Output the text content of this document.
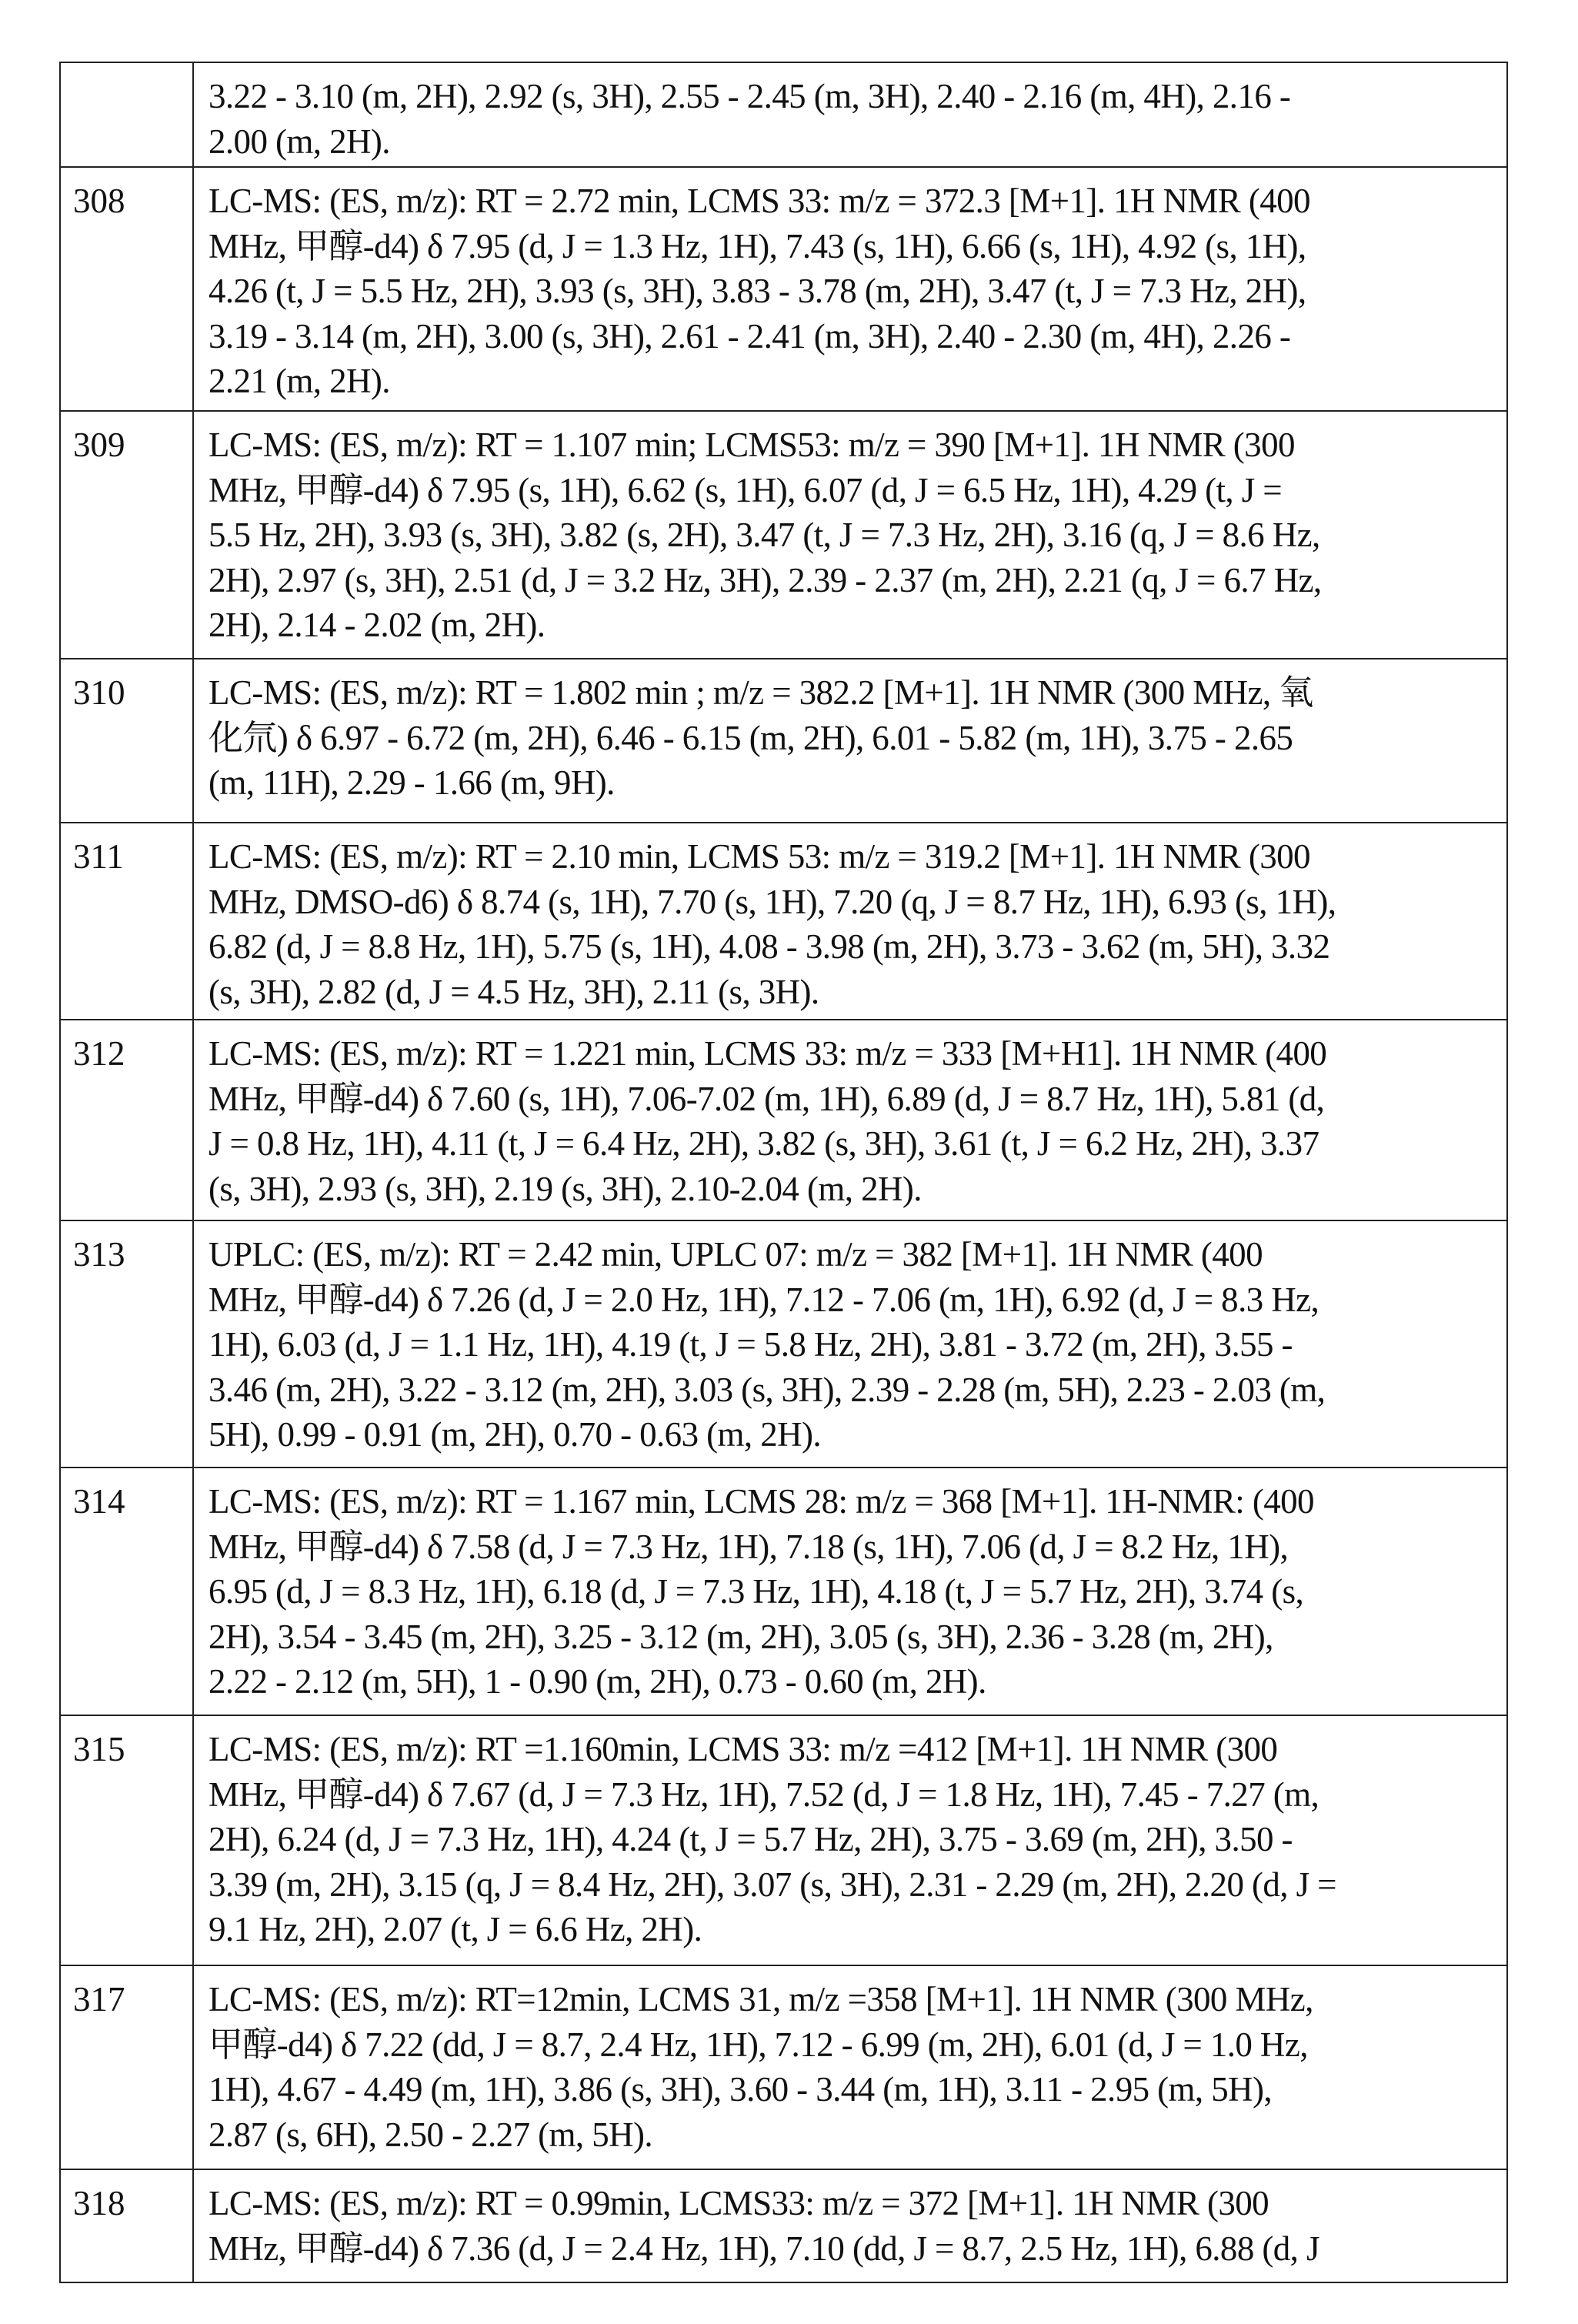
3.22 - 3.10 (m, 2H), 2.92 (s, 3H), 2.55 - 2.45 (m, 3H), 2.40 - 2.16 (m, 4H), 2.16 -
2.00 (m, 2H).

308	LC-MS: (ES, m/z): RT = 2.72 min, LCMS 33: m/z = 372.3 [M+1]. 1H NMR (400
MHz, 甲醇-d4) δ 7.95 (d, J = 1.3 Hz, 1H), 7.43 (s, 1H), 6.66 (s, 1H), 4.92 (s, 1H),
4.26 (t, J = 5.5 Hz, 2H), 3.93 (s, 3H), 3.83 - 3.78 (m, 2H), 3.47 (t, J = 7.3 Hz, 2H),
3.19 - 3.14 (m, 2H), 3.00 (s, 3H), 2.61 - 2.41 (m, 3H), 2.40 - 2.30 (m, 4H), 2.26 -
2.21 (m, 2H).

309	LC-MS: (ES, m/z): RT = 1.107 min; LCMS53: m/z = 390 [M+1]. 1H NMR (300
MHz, 甲醇-d4) δ 7.95 (s, 1H), 6.62 (s, 1H), 6.07 (d, J = 6.5 Hz, 1H), 4.29 (t, J =
5.5 Hz, 2H), 3.93 (s, 3H), 3.82 (s, 2H), 3.47 (t, J = 7.3 Hz, 2H), 3.16 (q, J = 8.6 Hz,
2H), 2.97 (s, 3H), 2.51 (d, J = 3.2 Hz, 3H), 2.39 - 2.37 (m, 2H), 2.21 (q, J = 6.7 Hz,
2H), 2.14 - 2.02 (m, 2H).

310	LC-MS: (ES, m/z): RT = 1.802 min ; m/z = 382.2 [M+1]. 1H NMR (300 MHz, 氧
化氘) δ 6.97 - 6.72 (m, 2H), 6.46 - 6.15 (m, 2H), 6.01 - 5.82 (m, 1H), 3.75 - 2.65
(m, 11H), 2.29 - 1.66 (m, 9H).

311	LC-MS: (ES, m/z): RT = 2.10 min, LCMS 53: m/z = 319.2 [M+1]. 1H NMR (300
MHz, DMSO-d6) δ 8.74 (s, 1H), 7.70 (s, 1H), 7.20 (q, J = 8.7 Hz, 1H), 6.93 (s, 1H),
6.82 (d, J = 8.8 Hz, 1H), 5.75 (s, 1H), 4.08 - 3.98 (m, 2H), 3.73 - 3.62 (m, 5H), 3.32
(s, 3H), 2.82 (d, J = 4.5 Hz, 3H), 2.11 (s, 3H).

312	LC-MS: (ES, m/z): RT = 1.221 min, LCMS 33: m/z = 333 [M+H1]. 1H NMR (400
MHz, 甲醇-d4) δ 7.60 (s, 1H), 7.06-7.02 (m, 1H), 6.89 (d, J = 8.7 Hz, 1H), 5.81 (d,
J = 0.8 Hz, 1H), 4.11 (t, J = 6.4 Hz, 2H), 3.82 (s, 3H), 3.61 (t, J = 6.2 Hz, 2H), 3.37
(s, 3H), 2.93 (s, 3H), 2.19 (s, 3H), 2.10-2.04 (m, 2H).

313	UPLC: (ES, m/z): RT = 2.42 min, UPLC 07: m/z = 382 [M+1]. 1H NMR (400
MHz, 甲醇-d4) δ 7.26 (d, J = 2.0 Hz, 1H), 7.12 - 7.06 (m, 1H), 6.92 (d, J = 8.3 Hz,
1H), 6.03 (d, J = 1.1 Hz, 1H), 4.19 (t, J = 5.8 Hz, 2H), 3.81 - 3.72 (m, 2H), 3.55 -
3.46 (m, 2H), 3.22 - 3.12 (m, 2H), 3.03 (s, 3H), 2.39 - 2.28 (m, 5H), 2.23 - 2.03 (m,
5H), 0.99 - 0.91 (m, 2H), 0.70 - 0.63 (m, 2H).

314	LC-MS: (ES, m/z): RT = 1.167 min, LCMS 28: m/z = 368 [M+1]. 1H-NMR: (400
MHz, 甲醇-d4) δ 7.58 (d, J = 7.3 Hz, 1H), 7.18 (s, 1H), 7.06 (d, J = 8.2 Hz, 1H),
6.95 (d, J = 8.3 Hz, 1H), 6.18 (d, J = 7.3 Hz, 1H), 4.18 (t, J = 5.7 Hz, 2H), 3.74 (s,
2H), 3.54 - 3.45 (m, 2H), 3.25 - 3.12 (m, 2H), 3.05 (s, 3H), 2.36 - 3.28 (m, 2H),
2.22 - 2.12 (m, 5H), 1 - 0.90 (m, 2H), 0.73 - 0.60 (m, 2H).

315	LC-MS: (ES, m/z): RT =1.160min, LCMS 33: m/z =412 [M+1]. 1H NMR (300
MHz, 甲醇-d4) δ 7.67 (d, J = 7.3 Hz, 1H), 7.52 (d, J = 1.8 Hz, 1H), 7.45 - 7.27 (m,
2H), 6.24 (d, J = 7.3 Hz, 1H), 4.24 (t, J = 5.7 Hz, 2H), 3.75 - 3.69 (m, 2H), 3.50 -
3.39 (m, 2H), 3.15 (q, J = 8.4 Hz, 2H), 3.07 (s, 3H), 2.31 - 2.29 (m, 2H), 2.20 (d, J =
9.1 Hz, 2H), 2.07 (t, J = 6.6 Hz, 2H).

317	LC-MS: (ES, m/z): RT=12min, LCMS 31, m/z =358 [M+1]. 1H NMR (300 MHz,
甲醇-d4) δ 7.22 (dd, J = 8.7, 2.4 Hz, 1H), 7.12 - 6.99 (m, 2H), 6.01 (d, J = 1.0 Hz,
1H), 4.67 - 4.49 (m, 1H), 3.86 (s, 3H), 3.60 - 3.44 (m, 1H), 3.11 - 2.95 (m, 5H),
2.87 (s, 6H), 2.50 - 2.27 (m, 5H).

318	LC-MS: (ES, m/z): RT = 0.99min, LCMS33: m/z = 372 [M+1]. 1H NMR (300
MHz, 甲醇-d4) δ 7.36 (d, J = 2.4 Hz, 1H), 7.10 (dd, J = 8.7, 2.5 Hz, 1H), 6.88 (d, J
